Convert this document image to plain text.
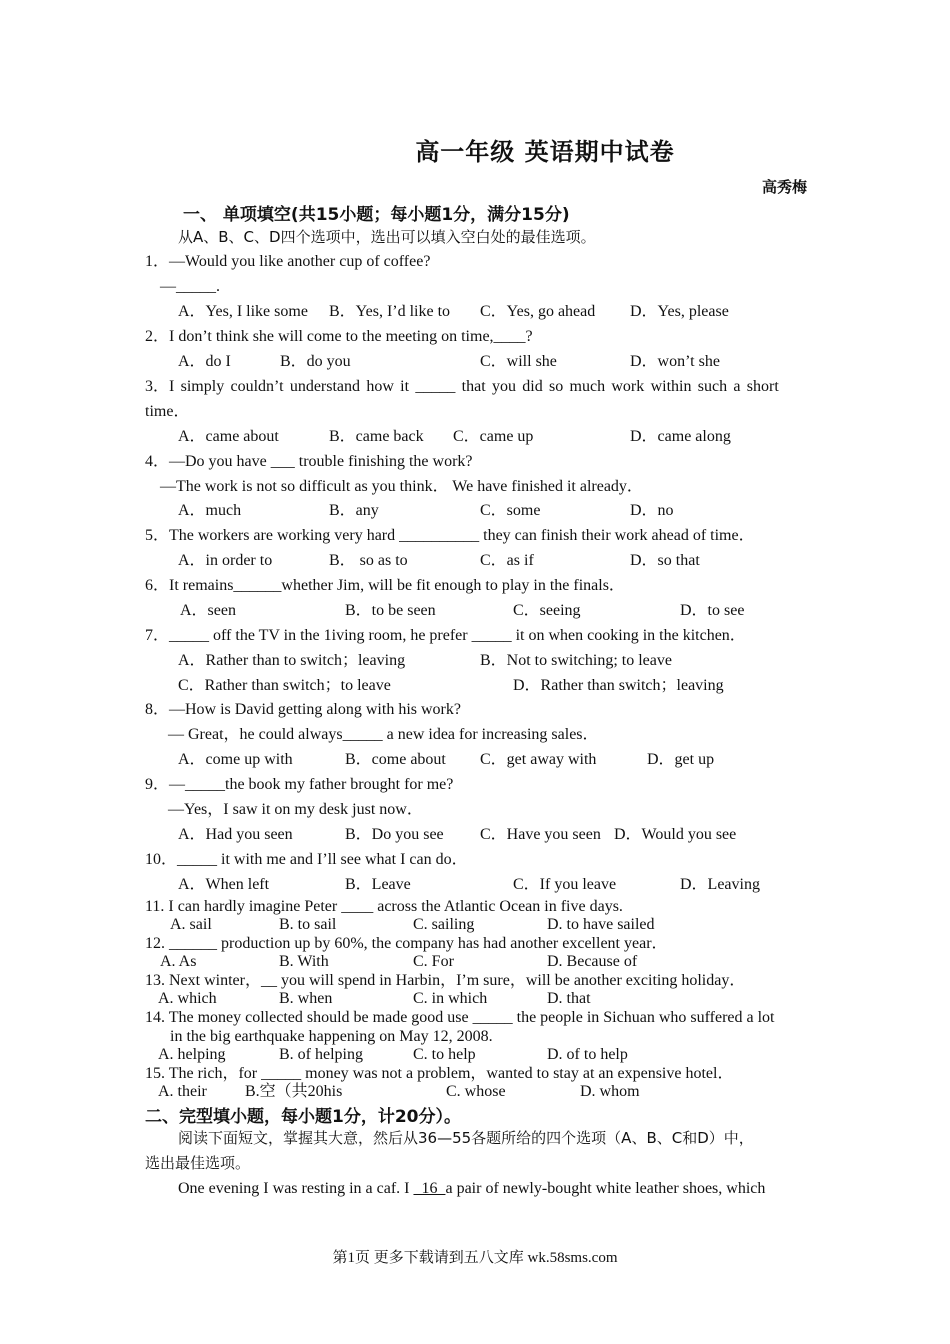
高一年级 英语期中试卷
高秀梅
一、 单项填空(共15小题；每小题1分，满分15分)
从A、B、C、D四个选项中，选出可以填入空白处的最佳选项。
1．—Would you like another cup of coffee?
—_____.
A．Yes, I like some B．Yes, I’d like to C．Yes, go ahead D．Yes, please
2．I don’t think she will come to the meeting on time,____?
A．do I	B．do you	C．will she	D．won’t she
3．I simply couldn’t understand how it _____ that you did so much work within such a short
time．
A．came about	B．came back C．came up	D．came along
4．—Do you have ___ trouble finishing the work?
—The work is not so difficult as you think． We have finished it already．
A．much	B．any	C．some	D．no
5．The workers are working very hard __________ they can finish their work ahead of time．
A．in order to	B． so as to	C．as if	D．so that
6．It remains______whether Jim, will be fit enough to play in the finals．
A．seen	B．to be seen	C．seeing	D．to see
7．_____ off the TV in the 1iving room, he prefer _____ it on when cooking in the kitchen．
A．Rather than to switch；leaving	B．Not to switching; to leave
C．Rather than switch；to leave	D．Rather than switch；leaving
8．—How is David getting along with his work?
— Great，he could always_____ a new idea for increasing sales．
A．come up with	B．come about C．get away with	D．get up
9．—_____the book my father brought for me?
—Yes，I saw it on my desk just now．
A．Had you seen	B．Do you see C．Have you seen D．Would you see
10．_____ it with me and I’ll see what I can do．
A．When left	B．Leave	C．If you leave	D．Leaving
11. I can hardly imagine Peter ____ across the Atlantic Ocean in five days.
A. sail	B. to sail	C. sailing	D. to have sailed
12. ______ production up by 60%, the company has had another excellent year．
A. As	B. With	C. For	D. Because of
13. Next winter，__ you will spend in Harbin，I’m sure，will be another exciting holiday．
A. which	B. when	C. in which	D. that
14. The money collected should be made good use _____ the people in Sichuan who suffered a lot
in the big earthquake happening on May 12, 2008.
A. helping	B. of helping	C. to help	D. of to help
15. The rich，for _____ money was not a problem，wanted to stay at an expensive hotel．
A. their B.空（共20his	C. whose	D. whom
二、完型填小题，每小题1分，计20分）。
阅读下面短文，掌握其大意，然后从36—55各题所给的四个选项（A、B、C和D）中，
选出最佳选项。
One evening I was resting in a caf. I   16  a pair of newly-bought white leather shoes, which
第1页 更多下载请到五八文库 wk.58sms.com
